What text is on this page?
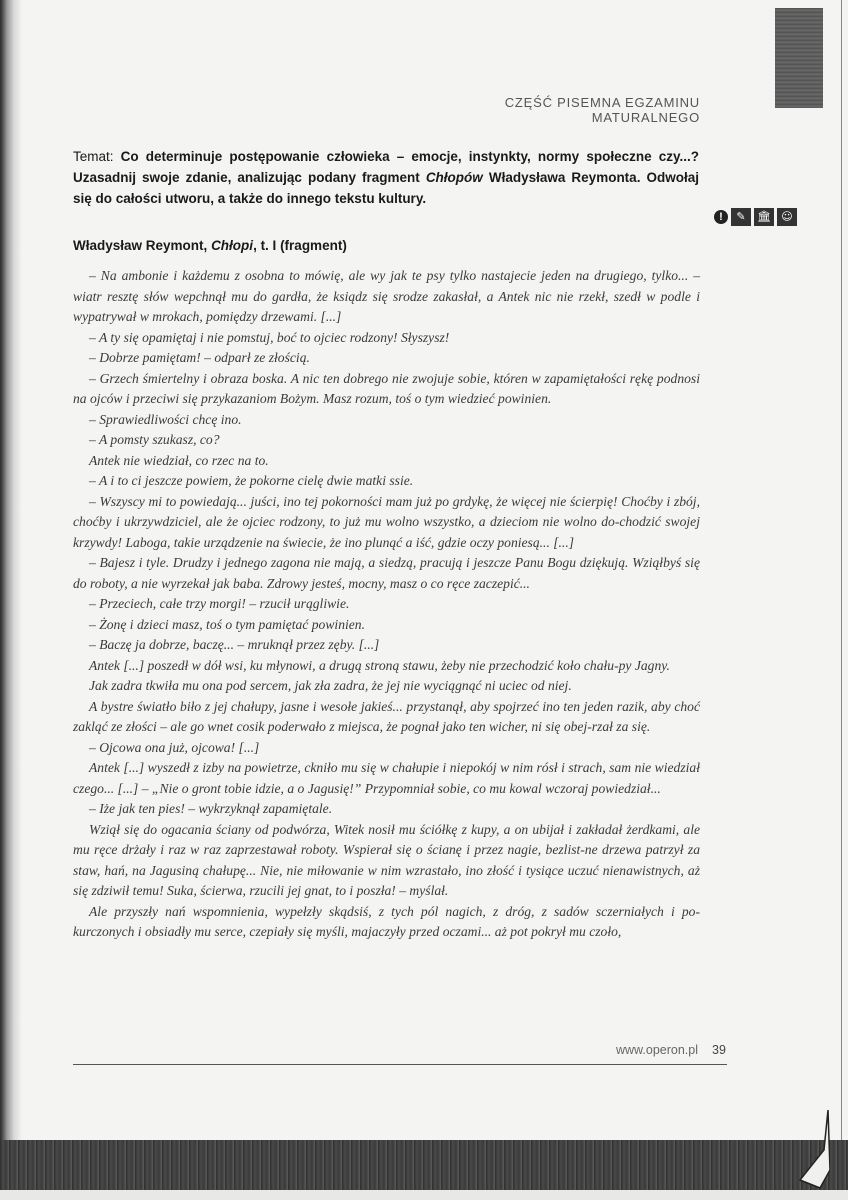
CZĘŚĆ PISEMNA EGZAMINU MATURALNEGO
Temat: Co determinuje postępowanie człowieka – emocje, instynkty, normy społeczne czy...? Uzasadnij swoje zdanie, analizując podany fragment Chłopów Władysława Reymonta. Odwołaj się do całości utworu, a także do innego tekstu kultury.
!	✎	🏛 ☺
Władysław Reymont, Chłopi, t. I (fragment)

– Na ambonie i każdemu z osobna to mówię, ale wy jak te psy tylko nastajecie jeden na drugiego, tylko... – wiatr resztę słów wepchnął mu do gardła, że ksiądz się srodze zakasłał, a Antek nic nie rzekł, szedł w podle i wypatrywał w mrokach, pomiędzy drzewami. [...]

– A ty się opamiętaj i nie pomstuj, boć to ojciec rodzony! Słyszysz!

– Dobrze pamiętam! – odparł ze złością.

– Grzech śmiertelny i obraza boska. A nic ten dobrego nie zwojuje sobie, któren w zapamiętałości rękę podnosi na ojców i przeciwi się przykazaniom Bożym. Masz rozum, toś o tym wiedzieć powinien.

– Sprawiedliwości chcę ino.

– A pomsty szukasz, co?

Antek nie wiedział, co rzec na to.

– A i to ci jeszcze powiem, że pokorne cielę dwie matki ssie.

– Wszyscy mi to powiedają... juści, ino tej pokorności mam już po grdykę, że więcej nie ścierpię! Choćby i zbój, choćby i ukrzywdziciel, ale że ojciec rodzony, to już mu wolno wszystko, a dzieciom nie wolno do-chodzić swojej krzywdy! Laboga, takie urządzenie na świecie, że ino plunąć a iść, gdzie oczy poniesą... [...]

– Bajesz i tyle. Drudzy i jednego zagona nie mają, a siedzą, pracują i jeszcze Panu Bogu dziękują. Wziąłbyś się do roboty, a nie wyrzekał jak baba. Zdrowy jesteś, mocny, masz o co ręce zaczepić...

– Przeciech, całe trzy morgi! – rzucił urągliwie.

– Żonę i dzieci masz, toś o tym pamiętać powinien.

– Baczę ja dobrze, baczę... – mruknął przez zęby. [...]

Antek [...] poszedł w dół wsi, ku młynowi, a drugą stroną stawu, żeby nie przechodzić koło chału-py Jagny.

Jak zadra tkwiła mu ona pod sercem, jak zła zadra, że jej nie wyciągnąć ni uciec od niej.

A bystre światło biło z jej chałupy, jasne i wesołe jakieś... przystanął, aby spojrzeć ino ten jeden razik, aby choć zakląć ze złości – ale go wnet cosik poderwało z miejsca, że pognał jako ten wicher, ni się obej-rzał za się.

– Ojcowa ona już, ojcowa! [...]

Antek [...] wyszedł z izby na powietrze, ckniło mu się w chałupie i niepokój w nim rósł i strach, sam nie wiedział czego... [...] – „Nie o gront tobie idzie, a o Jagusię!” Przypomniał sobie, co mu kowal wczoraj powiedział...

– Iże jak ten pies! – wykrzyknął zapamiętale.

Wziął się do ogacania ściany od podwórza, Witek nosił mu ściółkę z kupy, a on ubijał i zakładał żerdkami, ale mu ręce drżały i raz w raz zaprzestawał roboty. Wspierał się o ścianę i przez nagie, bezlist-ne drzewa patrzył za staw, hań, na Jagusiną chałupę... Nie, nie miłowanie w nim wzrastało, ino złość i tysiące uczuć nienawistnych, aż się zdziwił temu! Suka, ścierwa, rzucili jej gnat, to i poszła! – myślał.

Ale przyszły nań wspomnienia, wypełzły skądsiś, z tych pól nagich, z dróg, z sadów sczerniałych i po-kurczonych i obsiadły mu serce, czepiały się myśli, majaczyły przed oczami... aż pot pokrył mu czoło,

www.operon.pl 39
